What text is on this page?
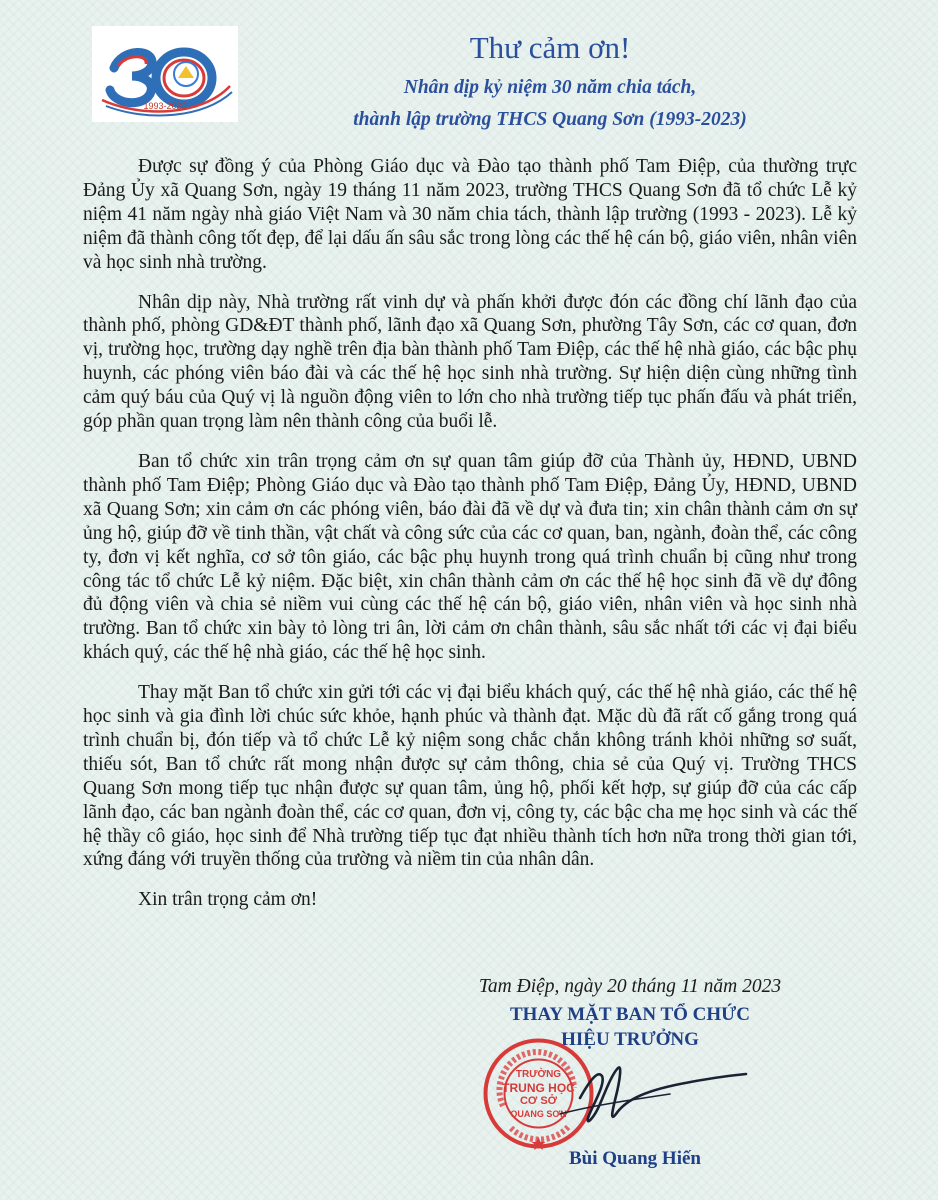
1993-2023
Thư cảm ơn!
Nhân dịp kỷ niệm 30 năm chia tách,
thành lập trường THCS Quang Sơn (1993-2023)

Được sự đồng ý của Phòng Giáo dục và Đào tạo thành phố Tam Điệp, của thường trực Đảng Ủy xã Quang Sơn, ngày 19 tháng 11 năm 2023, trường THCS Quang Sơn đã tổ chức Lễ kỷ niệm 41 năm ngày nhà giáo Việt Nam và 30 năm chia tách, thành lập trường (1993 - 2023). Lễ kỷ niệm đã thành công tốt đẹp, để lại dấu ấn sâu sắc trong lòng các thế hệ cán bộ, giáo viên, nhân viên và học sinh nhà trường.

Nhân dịp này, Nhà trường rất vinh dự và phấn khởi được đón các đồng chí lãnh đạo của thành phố, phòng GD&ĐT thành phố, lãnh đạo xã Quang Sơn, phường Tây Sơn, các cơ quan, đơn vị, trường học, trường dạy nghề trên địa bàn thành phố Tam Điệp, các thế hệ nhà giáo, các bậc phụ huynh, các phóng viên báo đài và các thế hệ học sinh nhà trường. Sự hiện diện cùng những tình cảm quý báu của Quý vị là nguồn động viên to lớn cho nhà trường tiếp tục phấn đấu và phát triển, góp phần quan trọng làm nên thành công của buổi lễ.

Ban tổ chức xin trân trọng cảm ơn sự quan tâm giúp đỡ của Thành ủy, HĐND, UBND thành phố Tam Điệp; Phòng Giáo dục và Đào tạo thành phố Tam Điệp, Đảng Ủy, HĐND, UBND xã Quang Sơn; xin cảm ơn các phóng viên, báo đài đã về dự và đưa tin; xin chân thành cảm ơn sự ủng hộ, giúp đỡ về tinh thần, vật chất và công sức của các cơ quan, ban, ngành, đoàn thể, các công ty, đơn vị kết nghĩa, cơ sở tôn giáo, các bậc phụ huynh trong quá trình chuẩn bị cũng như trong công tác tổ chức Lễ kỷ niệm. Đặc biệt, xin chân thành cảm ơn các thế hệ học sinh đã về dự đông đủ động viên và chia sẻ niềm vui cùng các thế hệ cán bộ, giáo viên, nhân viên và học sinh nhà trường. Ban tổ chức xin bày tỏ lòng tri ân, lời cảm ơn chân thành, sâu sắc nhất tới các vị đại biểu khách quý, các thế hệ nhà giáo, các thế hệ học sinh.

Thay mặt Ban tổ chức xin gửi tới các vị đại biểu khách quý, các thế hệ nhà giáo, các thế hệ học sinh và gia đình lời chúc sức khỏe, hạnh phúc và thành đạt. Mặc dù đã rất cố gắng trong quá trình chuẩn bị, đón tiếp và tổ chức Lễ kỷ niệm song chắc chắn không tránh khỏi những sơ suất, thiếu sót, Ban tổ chức rất mong nhận được sự cảm thông, chia sẻ của Quý vị. Trường THCS Quang Sơn mong tiếp tục nhận được sự quan tâm, ủng hộ, phối kết hợp, sự giúp đỡ của các cấp lãnh đạo, các ban ngành đoàn thể, các cơ quan, đơn vị, công ty, các bậc cha mẹ học sinh và các thế hệ thầy cô giáo, học sinh để Nhà trường tiếp tục đạt nhiều thành tích hơn nữa trong thời gian tới, xứng đáng với truyền thống của trường và niềm tin của nhân dân.

Xin trân trọng cảm ơn!

Tam Điệp, ngày 20 tháng 11 năm 2023
THAY MẶT BAN TỔ CHỨC
HIỆU TRƯỞNG
TRƯỜNG
TRUNG HỌC
CƠ SỞ
QUANG SƠN
Bùi Quang Hiến
